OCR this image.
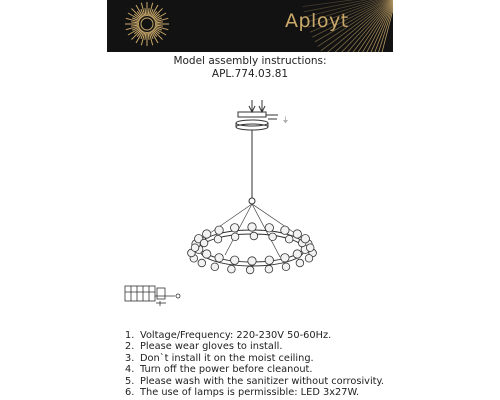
Aployt
Model assembly instructions:
APL.774.03.81
⏚
1. Voltage/Frequency: 220-230V 50-60Hz.
2. Please wear gloves to install.
3. Don`t install it on the moist ceiling.
4. Turn off the power before cleanout.
5. Please wash with the sanitizer without corrosivity.
6. The use of lamps is permissible: LED 3x27W.
